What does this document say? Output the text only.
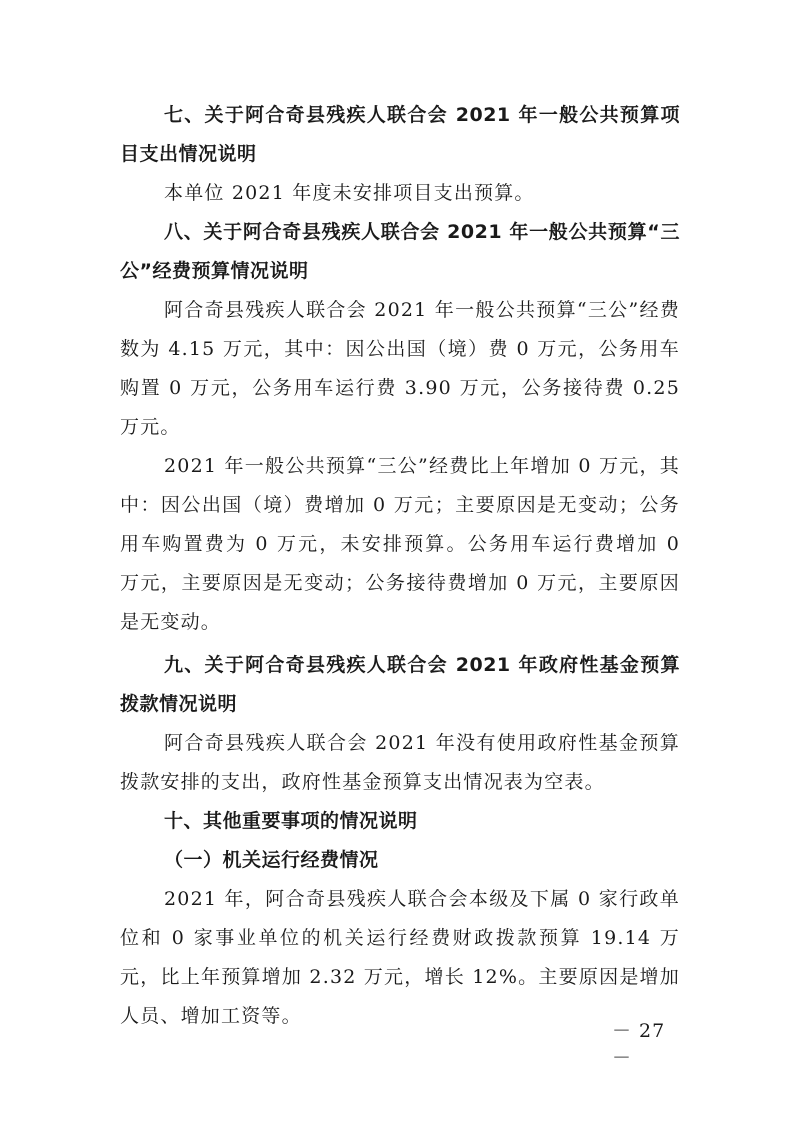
七、关于阿合奇县残疾人联合会 2021 年一般公共预算项目支出情况说明

本单位 2021 年度未安排项目支出预算。

八、关于阿合奇县残疾人联合会 2021 年一般公共预算“三公”经费预算情况说明

阿合奇县残疾人联合会 2021 年一般公共预算“三公”经费数为 4.15 万元，其中：因公出国（境）费 0 万元，公务用车购置 0 万元，公务用车运行费 3.90 万元，公务接待费 0.25 万元。

2021 年一般公共预算“三公”经费比上年增加 0 万元，其中：因公出国（境）费增加 0 万元；主要原因是无变动；公务用车购置费为 0 万元，未安排预算。公务用车运行费增加 0 万元，主要原因是无变动；公务接待费增加 0 万元，主要原因是无变动。

九、关于阿合奇县残疾人联合会 2021 年政府性基金预算拨款情况说明

阿合奇县残疾人联合会 2021 年没有使用政府性基金预算拨款安排的支出，政府性基金预算支出情况表为空表。

十、其他重要事项的情况说明

（一）机关运行经费情况

2021 年，阿合奇县残疾人联合会本级及下属 0 家行政单位和 0 家事业单位的机关运行经费财政拨款预算 19.14 万元，比上年预算增加 2.32 万元，增长 12%。主要原因是增加人员、增加工资等。

－ 27 －
